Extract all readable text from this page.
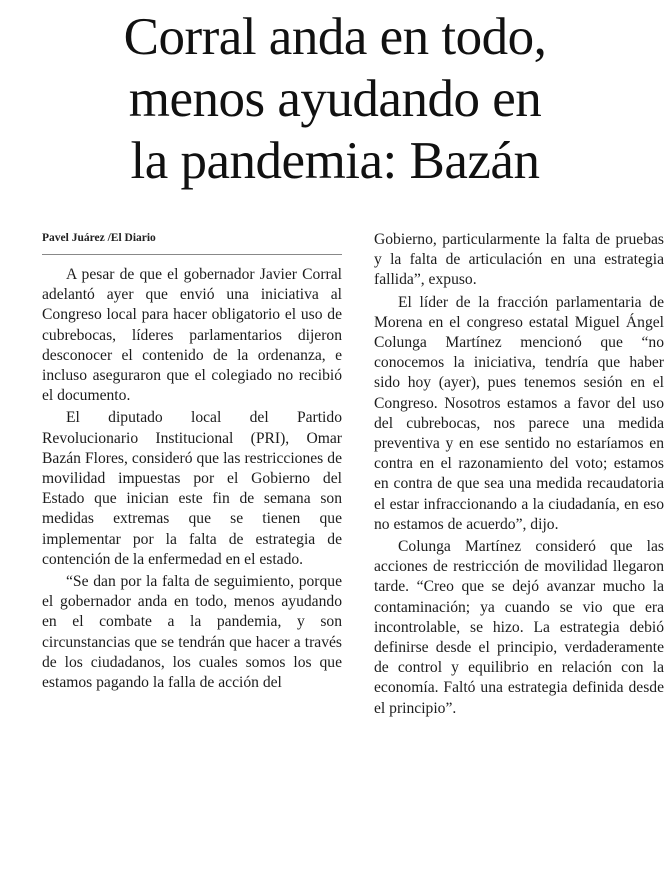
Corral anda en todo,
menos ayudando en
la pandemia: Bazán
Pavel Juárez /El Diario

A pesar de que el gobernador Javier Corral adelantó ayer que envió una iniciativa al Congreso local para hacer obligatorio el uso de cubrebocas, líderes parlamentarios dijeron desconocer el contenido de la ordenanza, e incluso aseguraron que el colegiado no recibió el documento.

El diputado local del Partido Revolucionario Institucional (PRI), Omar Bazán Flores, consideró que las restricciones de movilidad impuestas por el Gobierno del Estado que inician este fin de semana son medidas extremas que se tienen que implementar por la falta de estrategia de contención de la enfermedad en el estado.

“Se dan por la falta de seguimiento, porque el gobernador anda en todo, menos ayudando en el combate a la pandemia, y son circunstancias que se tendrán que hacer a través de los ciudadanos, los cuales somos los que estamos pagando la falla de acción del

Gobierno, particularmente la falta de pruebas y la falta de articulación en una estrategia fallida”, expuso.

El líder de la fracción parlamentaria de Morena en el congreso estatal Miguel Ángel Colunga Martínez mencionó que “no conocemos la iniciativa, tendría que haber sido hoy (ayer), pues tenemos sesión en el Congreso. Nosotros estamos a favor del uso del cubrebocas, nos parece una medida preventiva y en ese sentido no estaríamos en contra en el razonamiento del voto; estamos en contra de que sea una medida recaudatoria el estar infraccionando a la ciudadanía, en eso no estamos de acuerdo”, dijo.

Colunga Martínez consideró que las acciones de restricción de movilidad llegaron tarde. “Creo que se dejó avanzar mucho la contaminación; ya cuando se vio que era incontrolable, se hizo. La estrategia debió definirse desde el principio, verdaderamente de control y equilibrio en relación con la economía. Faltó una estrategia definida desde el principio”.
